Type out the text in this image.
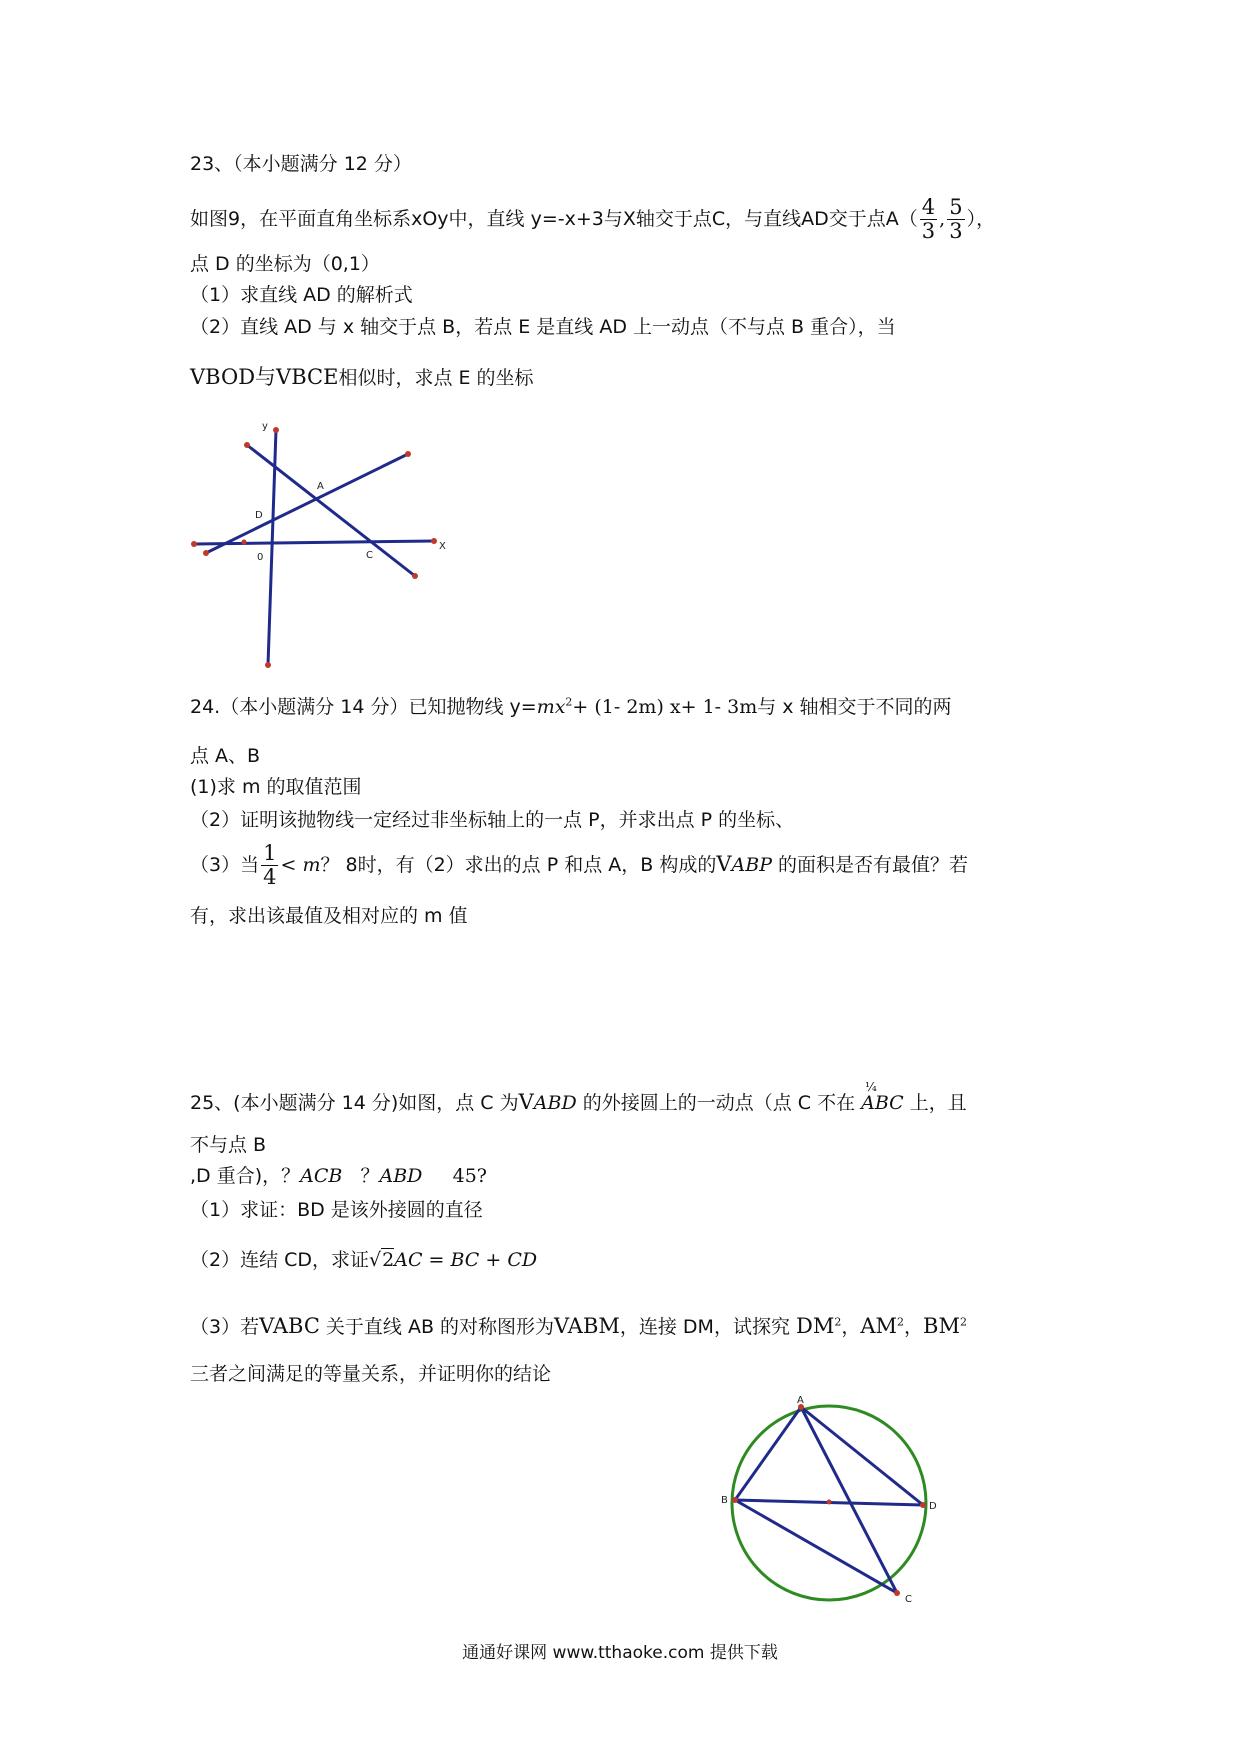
23、（本小题满分 12 分）
如图9，在平面直角坐标系xOy中，直线 y=-x+3与X轴交于点C，与直线AD交于点$A( \frac{4}{3}$ , $\frac{5}{3}$ ），
点 D 的坐标为（0,1）
（1）求直线 AD 的解析式
（2）直线 AD 与 x 轴交于点 B，若点 E 是直线 AD 上一动点（不与点 B 重合），当
VBOD与VBCE相似时，求点 E 的坐标
y
X
A
D
0	C
24.（本小题满分 14 分）已知抛物线 $y=mx^2+ (1-$ 2m) x+ 1- 3m与 x 轴相交于不同的两
点 A、B
(1)求 m 的取值范围
（2）证明该抛物线一定经过非坐标轴上的一点 P，并求出点 P 的坐标、
（3）当 $\frac{1}{4} < m$？ 8时，有（2）求出的点 P 和点 A，B 构成的VABP 的面积是否有最值？若
有，求出该最值及相对应的 m 值
25、(本小题满分 14 分)如图，点 C 为VABD 的外接圆上的一动点（点 C 不在
¼
ABC 上，且
不与点 B
,D 重合)，？ACB   ？ABD     45?
（1）求证：BD 是该外接圆的直径
（2）连结 CD，求证√2AC = BC + CD
（3）若VABC 关于直线 AB 的对称图形为VABM，连接 DM，试探究 $DM^2$，$AM^2$，$BM^2$
三者之间满足的等量关系，并证明你的结论
A
B
D
C
通通好课网 www.tthaoke.com 提供下载
